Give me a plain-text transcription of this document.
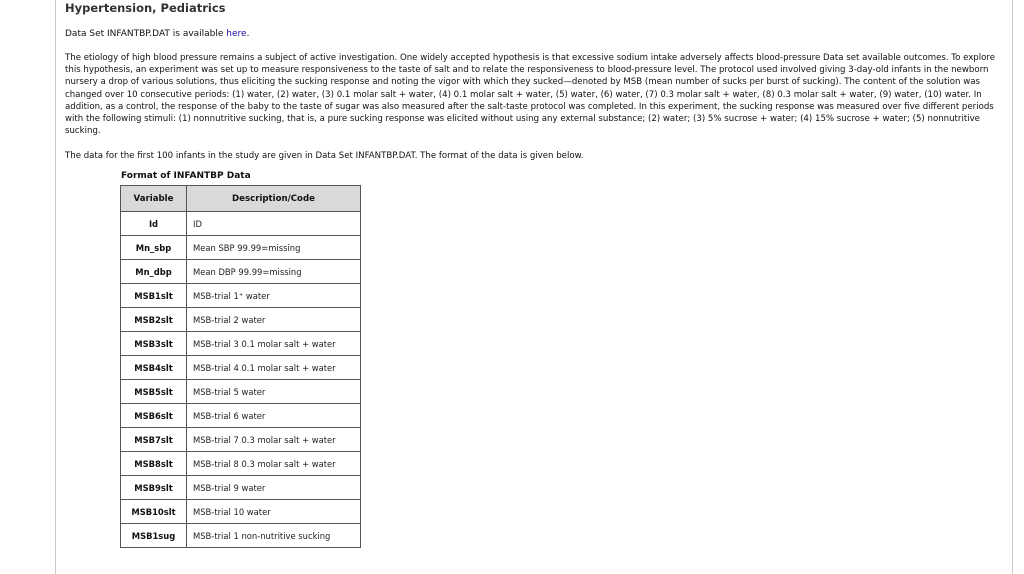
Hypertension, Pediatrics
Data Set INFANTBP.DAT is available here.

The etiology of high blood pressure remains a subject of active investigation. One widely accepted hypothesis is that excessive sodium intake adversely affects blood-pressure Data set available outcomes. To explore this hypothesis, an experiment was set up to measure responsiveness to the taste of salt and to relate the responsiveness to blood-pressure level. The protocol used involved giving 3-day-old infants in the newborn nursery a drop of various solutions, thus eliciting the sucking response and noting the vigor with which they sucked—denoted by MSB (mean number of sucks per burst of sucking). The content of the solution was changed over 10 consecutive periods: (1) water, (2) water, (3) 0.1 molar salt + water, (4) 0.1 molar salt + water, (5) water, (6) water, (7) 0.3 molar salt + water, (8) 0.3 molar salt + water, (9) water, (10) water. In addition, as a control, the response of the baby to the taste of sugar was also measured after the salt-taste protocol was completed. In this experiment, the sucking response was measured over five different periods with the following stimuli: (1) nonnutritive sucking, that is, a pure sucking response was elicited without using any external substance; (2) water; (3) 5% sucrose + water; (4) 15% sucrose + water; (5) nonnutritive sucking.

The data for the first 100 infants in the study are given in Data Set INFANTBP.DAT. The format of the data is given below.
Format of INFANTBP Data
Variable	Description/Code
Id	ID
Mn_sbp	Mean SBP 99.99=missing
Mn_dbp	Mean DBP 99.99=missing
MSB1slt	MSB-trial 1⁺ water
MSB2slt	MSB-trial 2 water
MSB3slt	MSB-trial 3 0.1 molar salt + water
MSB4slt	MSB-trial 4 0.1 molar salt + water
MSB5slt	MSB-trial 5 water
MSB6slt	MSB-trial 6 water
MSB7slt	MSB-trial 7 0.3 molar salt + water
MSB8slt	MSB-trial 8 0.3 molar salt + water
MSB9slt	MSB-trial 9 water
MSB10slt	MSB-trial 10 water
MSB1sug	MSB-trial 1 non-nutritive sucking
